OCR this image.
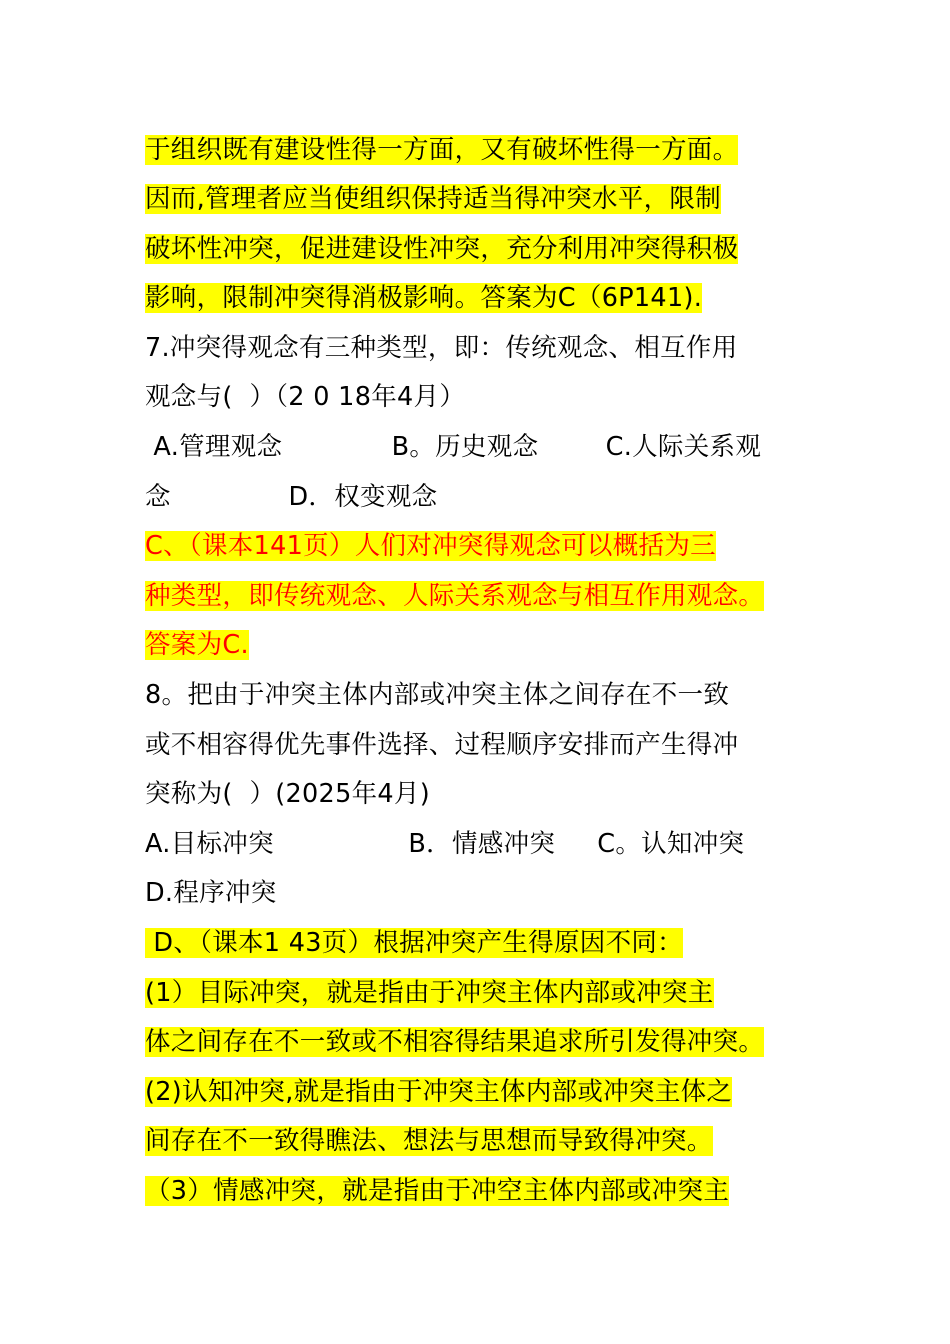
于组织既有建设性得一方面，又有破坏性得一方面。
因而,管理者应当使组织保持适当得冲突水平，限制
破坏性冲突，促进建设性冲突，充分利用冲突得积极
影响，限制冲突得消极影响。答案为C（6P141).
7.冲突得观念有三种类型，即：传统观念、相互作用
观念与(  ）（2 0 18年4月）
A.管理观念             B。历史观念        C.人际关系观
念              D．权变观念
C、（课本141页）人们对冲突得观念可以概括为三
种类型，即传统观念、人际关系观念与相互作用观念。
答案为C.
8。把由于冲突主体内部或冲突主体之间存在不一致
或不相容得优先事件选择、过程顺序安排而产生得冲
突称为(  ）(2025年4月)
A.目标冲突                B．情感冲突     C。认知冲突
D.程序冲突
D、（课本1 43页）根据冲突产生得原因不同：
(1）目际冲突，就是指由于冲突主体内部或冲突主
体之间存在不一致或不相容得结果追求所引发得冲突。
(2)认知冲突,就是指由于冲突主体内部或冲突主体之
间存在不一致得瞧法、想法与思想而导致得冲突。
（3）情感冲突，就是指由于冲空主体内部或冲突主
